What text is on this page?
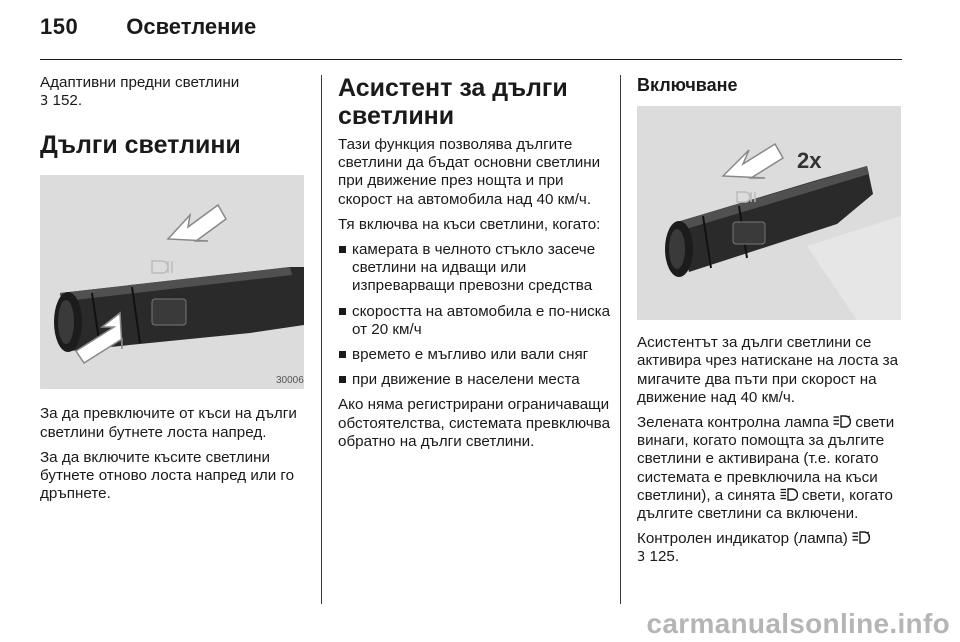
150 Осветление

Адаптивни предни светлини
3 152.

Дълги светлини
30006

За да превключите от къси на дълги светлини бутнете лоста напред.

За да включите късите светлини бутнете отново лоста напред или го дръпнете.

Асистент за дълги светлини

Тази функция позволява дългите светлини да бъдат основни светлини при движение през нощта и при скорост на автомобила над 40 км/ч.

Тя включва на къси светлини, когато:

камерата в челното стъкло засече светлини на идващи или изпреварващи превозни средства
скоростта на автомобила е по-ниска от 20 км/ч
времето е мъгливо или вали сняг
при движение в населени места

Ако няма регистрирани ограничаващи обстоятелства, системата превключва обратно на дълги светлини.

Включване
2x

Асистентът за дълги светлини се активира чрез натискане на лоста за мигачите два пъти при скорост на движение над 40 км/ч.

Зелената контролна лампа свети винаги, когато помощта за дългите светлини е активирана (т.е. когато системата е превключила на къси светлини), а синята свети, когато дългите светлини са включени.

Контролен индикатор (лампа)
3 125.

carmanualsonline.info
